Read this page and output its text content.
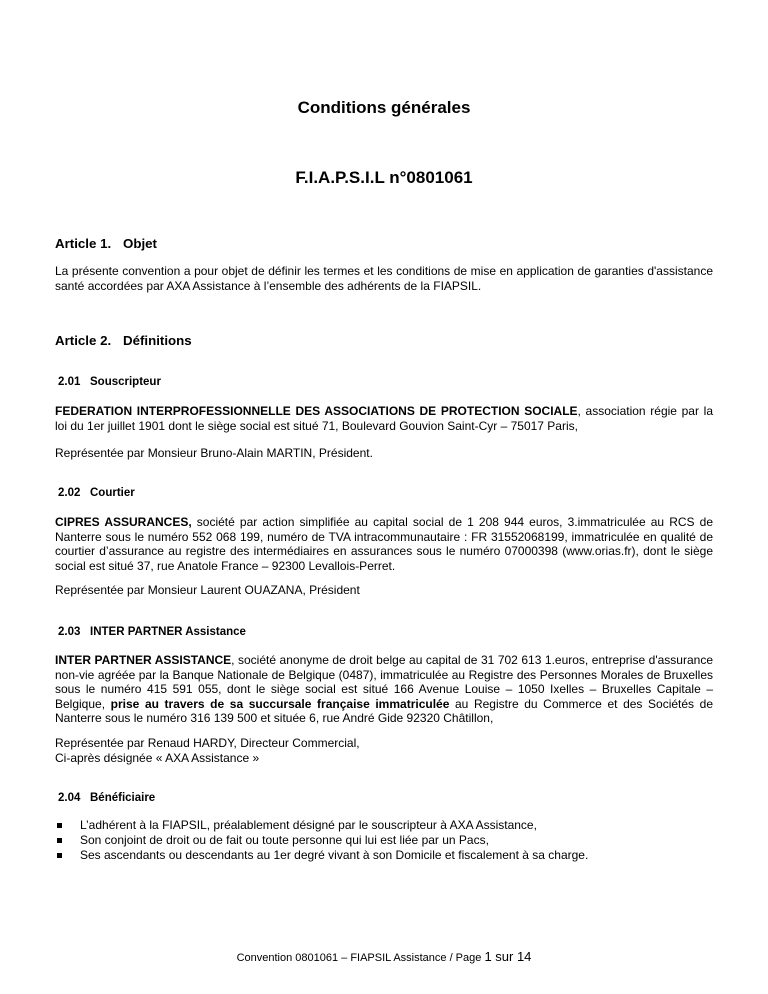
Conditions générales
F.I.A.P.S.I.L n°0801061
Article 1. Objet
La présente convention a pour objet de définir les termes et les conditions de mise en application de garanties d'assistance santé accordées par AXA Assistance à l’ensemble des adhérents de la FIAPSIL.
Article 2. Définitions
2.01 Souscripteur
FEDERATION INTERPROFESSIONNELLE DES ASSOCIATIONS DE PROTECTION SOCIALE, association régie par la loi du 1er juillet 1901 dont le siège social est situé 71, Boulevard Gouvion Saint-Cyr – 75017 Paris,
Représentée par Monsieur Bruno-Alain MARTIN, Président.
2.02 Courtier
CIPRES ASSURANCES, société par action simplifiée au capital social de 1 208 944 euros, 3.immatriculée au RCS de Nanterre sous le numéro 552 068 199, numéro de TVA intracommunautaire : FR 31552068199, immatriculée en qualité de courtier d’assurance au registre des intermédiaires en assurances sous le numéro 07000398 (www.orias.fr), dont le siège social est situé 37, rue Anatole France – 92300 Levallois-Perret.
Représentée par Monsieur Laurent OUAZANA, Président
2.03 INTER PARTNER Assistance
INTER PARTNER ASSISTANCE, société anonyme de droit belge au capital de 31 702 613 1.euros, entreprise d'assurance non-vie agréée par la Banque Nationale de Belgique (0487), immatriculée au Registre des Personnes Morales de Bruxelles sous le numéro 415 591 055, dont le siège social est situé 166 Avenue Louise – 1050 Ixelles – Bruxelles Capitale – Belgique, prise au travers de sa succursale française immatriculée au Registre du Commerce et des Sociétés de Nanterre sous le numéro 316 139 500 et située 6, rue André Gide 92320 Châtillon,
Représentée par Renaud HARDY, Directeur Commercial,
Ci-après désignée « AXA Assistance »
2.04 Bénéficiaire
L’adhérent à la FIAPSIL, préalablement désigné par le souscripteur à AXA Assistance,
Son conjoint de droit ou de fait ou toute personne qui lui est liée par un Pacs,
Ses ascendants ou descendants au 1er degré vivant à son Domicile et fiscalement à sa charge.
Convention 0801061 – FIAPSIL Assistance / Page 1 sur 14
